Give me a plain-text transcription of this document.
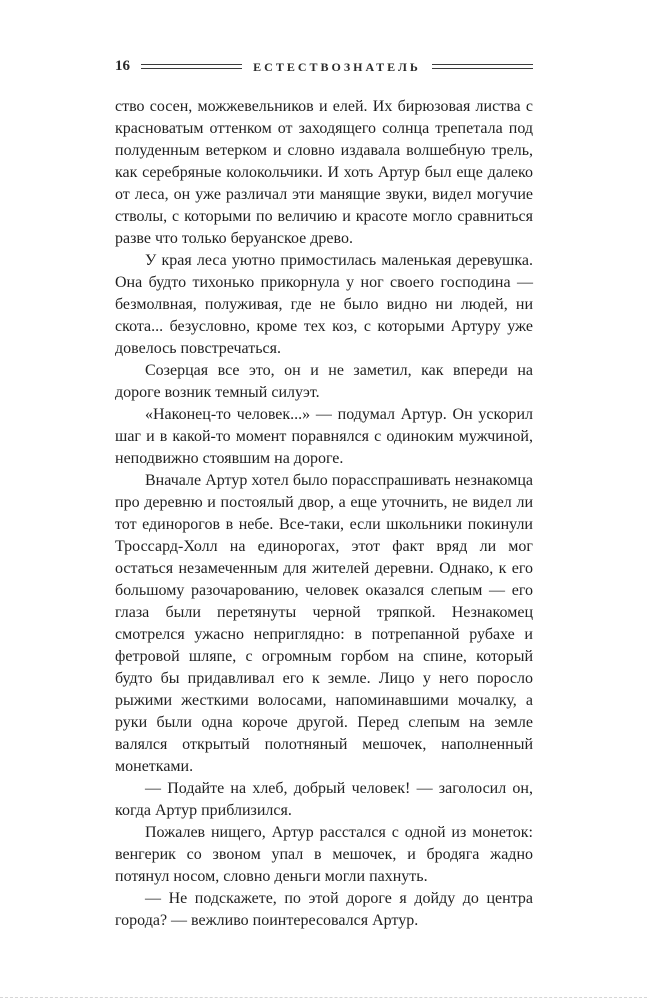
16	ЕСТЕСТВОЗНАТЕЛЬ

ство сосен, можжевельников и елей. Их бирюзовая листва с красноватым оттенком от заходящего солнца трепетала под полуденным ветерком и словно издавала волшебную трель, как серебряные колокольчики. И хоть Артур был еще далеко от леса, он уже различал эти манящие звуки, видел могучие стволы, с которыми по величию и красоте могло сравниться разве что только беруанское древо.

У края леса уютно примостилась маленькая деревушка. Она будто тихонько прикорнула у ног своего господина — безмолвная, полуживая, где не было видно ни людей, ни скота... безусловно, кроме тех коз, с которыми Артуру уже довелось повстречаться.

Созерцая все это, он и не заметил, как впереди на дороге возник темный силуэт.

«Наконец-то человек...» — подумал Артур. Он ускорил шаг и в какой-то момент поравнялся с одиноким мужчиной, неподвижно стоявшим на дороге.

Вначале Артур хотел было порасспрашивать незнакомца про деревню и постоялый двор, а еще уточнить, не видел ли тот единорогов в небе. Все-таки, если школьники покинули Троссард-Холл на единорогах, этот факт вряд ли мог остаться незамеченным для жителей деревни. Однако, к его большому разочарованию, человек оказался слепым — его глаза были перетянуты черной тряпкой. Незнакомец смотрелся ужасно неприглядно: в потрепанной рубахе и фетровой шляпе, с огромным горбом на спине, который будто бы придавливал его к земле. Лицо у него поросло рыжими жесткими волосами, напоминавшими мочалку, а руки были одна короче другой. Перед слепым на земле валялся открытый полотняный мешочек, наполненный монетками.

— Подайте на хлеб, добрый человек! — заголосил он, когда Артур приблизился.

Пожалев нищего, Артур расстался с одной из монеток: венгерик со звоном упал в мешочек, и бродяга жадно потянул носом, словно деньги могли пахнуть.

— Не подскажете, по этой дороге я дойду до центра города? — вежливо поинтересовался Артур.
